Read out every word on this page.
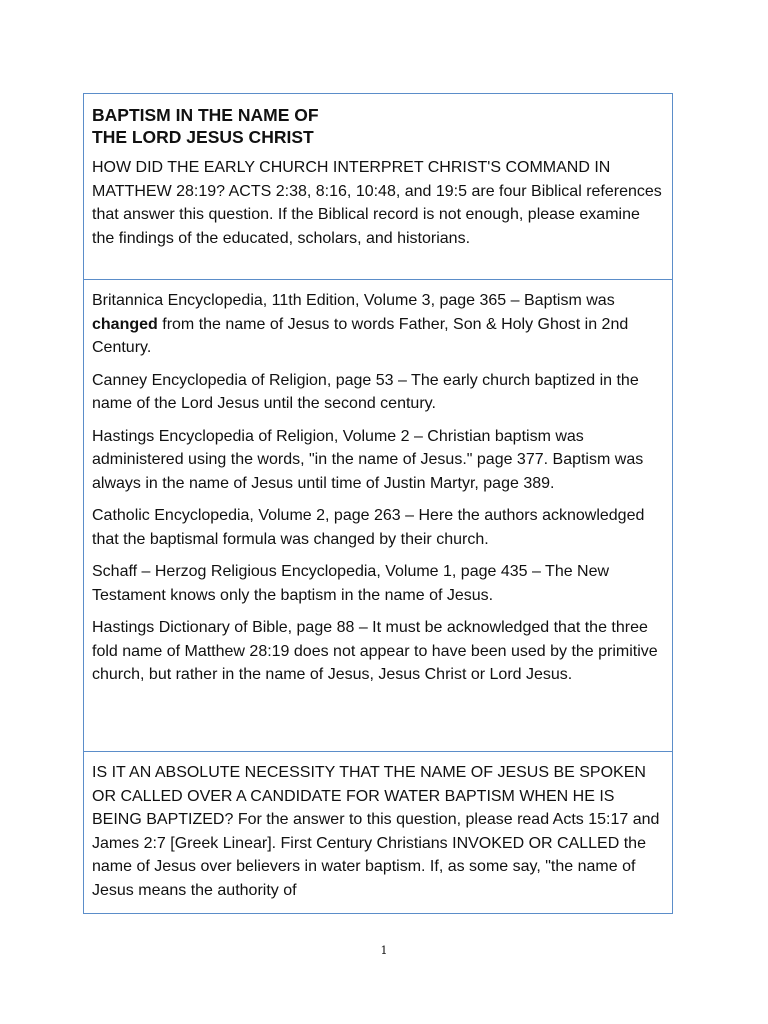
BAPTISM IN THE NAME OF
THE LORD JESUS CHRIST

HOW DID THE EARLY CHURCH INTERPRET CHRIST'S COMMAND IN MATTHEW 28:19? ACTS 2:38, 8:16, 10:48, and 19:5 are four Biblical references that answer this question. If the Biblical record is not enough, please examine the findings of the educated, scholars, and historians.

Britannica Encyclopedia, 11th Edition, Volume 3, page 365 – Baptism was changed from the name of Jesus to words Father, Son & Holy Ghost in 2nd Century.

Canney Encyclopedia of Religion, page 53 – The early church baptized in the name of the Lord Jesus until the second century.

Hastings Encyclopedia of Religion, Volume 2 – Christian baptism was administered using the words, "in the name of Jesus." page 377. Baptism was always in the name of Jesus until time of Justin Martyr, page 389.

Catholic Encyclopedia, Volume 2, page 263 – Here the authors acknowledged that the baptismal formula was changed by their church.

Schaff – Herzog Religious Encyclopedia, Volume 1, page 435 – The New Testament knows only the baptism in the name of Jesus.

Hastings Dictionary of Bible, page 88 – It must be acknowledged that the three fold name of Matthew 28:19 does not appear to have been used by the primitive church, but rather in the name of Jesus, Jesus Christ or Lord Jesus.

IS IT AN ABSOLUTE NECESSITY THAT THE NAME OF JESUS BE SPOKEN OR CALLED OVER A CANDIDATE FOR WATER BAPTISM WHEN HE IS BEING BAPTIZED? For the answer to this question, please read Acts 15:17 and James 2:7 [Greek Linear]. First Century Christians INVOKED OR CALLED the name of Jesus over believers in water baptism. If, as some say, "the name of Jesus means the authority of

1
